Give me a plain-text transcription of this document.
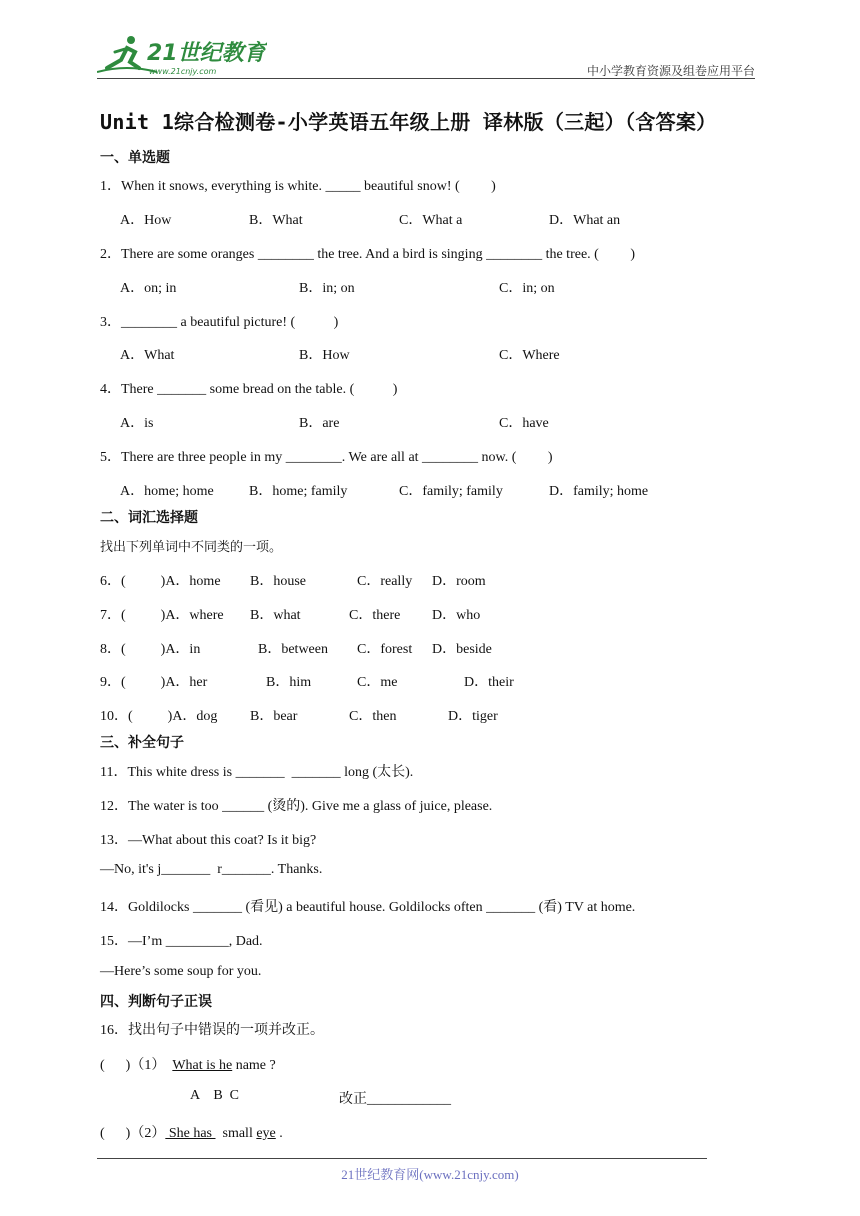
21世纪教育
www.21cnjy.com	中小学教育资源及组卷应用平台
Unit 1综合检测卷-小学英语五年级上册 译林版（三起）（含答案）
一、单选题
1．When it snows, everything is white. _____ beautiful snow! (         )
A．How	B．What	C．What a	D．What an
2．There are some oranges ________ the tree. And a bird is singing ________ the tree. (         )
A．on; in	B．in; on	C．in; on
3．________ a beautiful picture! (           )
A．What	B．How	C．Where
4．There _______ some bread on the table. (           )
A．is	B．are	C．have
5．There are three people in my ________. We are all at ________ now. (         )
A．home; home	B．home; family	C．family; family	D．family; home
二、词汇选择题
找出下列单词中不同类的一项。
6．(          )A．home B．house	C．really D．room
7．(          )A．where B．what	C．there D．who
8．(          )A．in	B．between C．forest D．beside
9．(          )A．her	B．him	C．me	D．their
10．(          )A．dog B．bear	C．then	D．tiger
三、补全句子
11．This white dress is _______ _______ long (太长).
12．The water is too ______ (烫的). Give me a glass of juice, please.
13．—What about this coat? Is it big?
—No, it's j_______  r_______. Thanks.
14．Goldilocks _______ (看见) a beautiful house. Goldilocks often _______ (看) TV at home.
15．—I’m _________, Dad.
—Here’s some soup for you.
四、判断句子正误
16．找出句子中错误的一项并改正。
(      )（1）  What is he name ?
A    B  C	改正____________
(      )（2） She has   small eye .
21世纪教育网(www.21cnjy.com)
